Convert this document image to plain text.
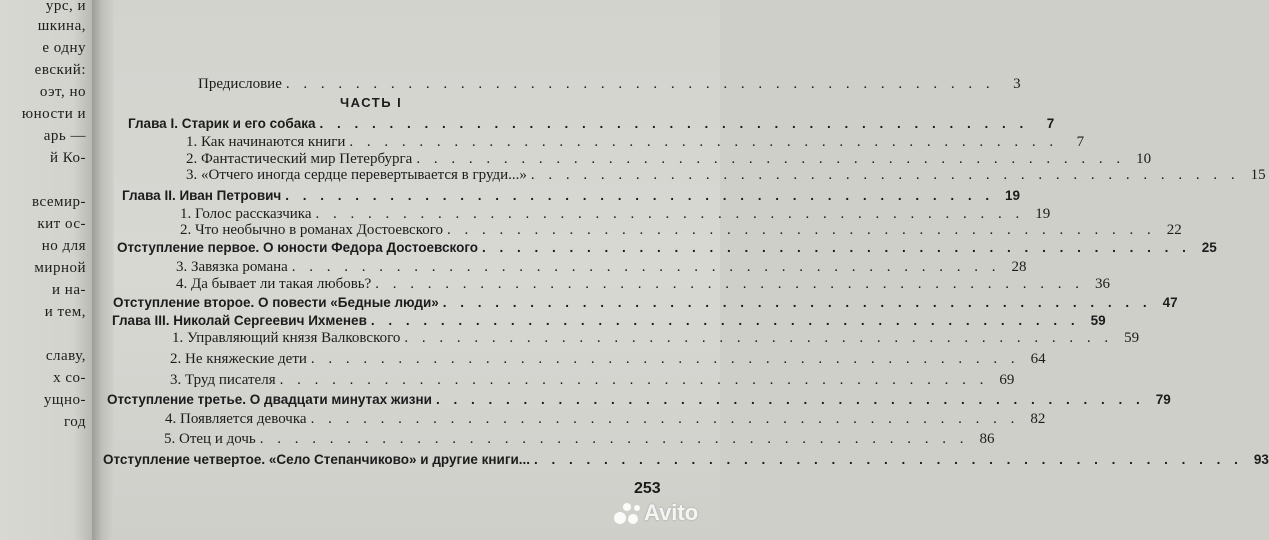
урс, и
шкина,
е одну
евский:
оэт, но
юности и
арь —
й Ко-
всемир-
кит ос-
но для
мирной
и на-
и тем,
славу,
х со-
ущно-
год
Предисловие . . . . . . . . . . . . . . . . . . . . . . . . . . . . . . . . . . . . . . . . .	3
Глава I. Старик и его собака . . . . . . . . . . . . . . . . . . . . . . . . . . . . . . . . . . . . . . . . .	7
1. Как начинаются книги . . . . . . . . . . . . . . . . . . . . . . . . . . . . . . . . . . . . . . . . .	7
2. Фантастический мир Петербурга . . . . . . . . . . . . . . . . . . . . . . . . . . . . . . . . . . . . . . . . . 10
3. «Отчего иногда сердце перевертывается в груди...» . . . . . . . . . . . . . . . . . . . . . . . . . . . . . . . . . . . . . . . . . 15
Глава II. Иван Петрович . . . . . . . . . . . . . . . . . . . . . . . . . . . . . . . . . . . . . . . . . 19
1. Голос рассказчика . . . . . . . . . . . . . . . . . . . . . . . . . . . . . . . . . . . . . . . . . 19
2. Что необычно в романах Достоевского . . . . . . . . . . . . . . . . . . . . . . . . . . . . . . . . . . . . . . . . . 22
Отступление первое. О юности Федора Достоевского . . . . . . . . . . . . . . . . . . . . . . . . . . . . . . . . . . . . . . . . . 25
3. Завязка романа . . . . . . . . . . . . . . . . . . . . . . . . . . . . . . . . . . . . . . . . . 28
4. Да бывает ли такая любовь? . . . . . . . . . . . . . . . . . . . . . . . . . . . . . . . . . . . . . . . . . 36
Отступление второе. О повести «Бедные люди» . . . . . . . . . . . . . . . . . . . . . . . . . . . . . . . . . . . . . . . . . 47
Глава III. Николай Сергеевич Ихменев . . . . . . . . . . . . . . . . . . . . . . . . . . . . . . . . . . . . . . . . . 59
1. Управляющий князя Валковского . . . . . . . . . . . . . . . . . . . . . . . . . . . . . . . . . . . . . . . . . 59
2. Не княжеские дети . . . . . . . . . . . . . . . . . . . . . . . . . . . . . . . . . . . . . . . . . 64
3. Труд писателя . . . . . . . . . . . . . . . . . . . . . . . . . . . . . . . . . . . . . . . . . 69
Отступление третье. О двадцати минутах жизни . . . . . . . . . . . . . . . . . . . . . . . . . . . . . . . . . . . . . . . . . 79
4. Появляется девочка . . . . . . . . . . . . . . . . . . . . . . . . . . . . . . . . . . . . . . . . . 82
5. Отец и дочь . . . . . . . . . . . . . . . . . . . . . . . . . . . . . . . . . . . . . . . . . 86
Отступление четвертое. «Село Степанчиково» и другие книги... . . . . . . . . . . . . . . . . . . . . . . . . . . . . . . . . . . . . . . . . . 93
ЧАСТЬ I
253
Avito
